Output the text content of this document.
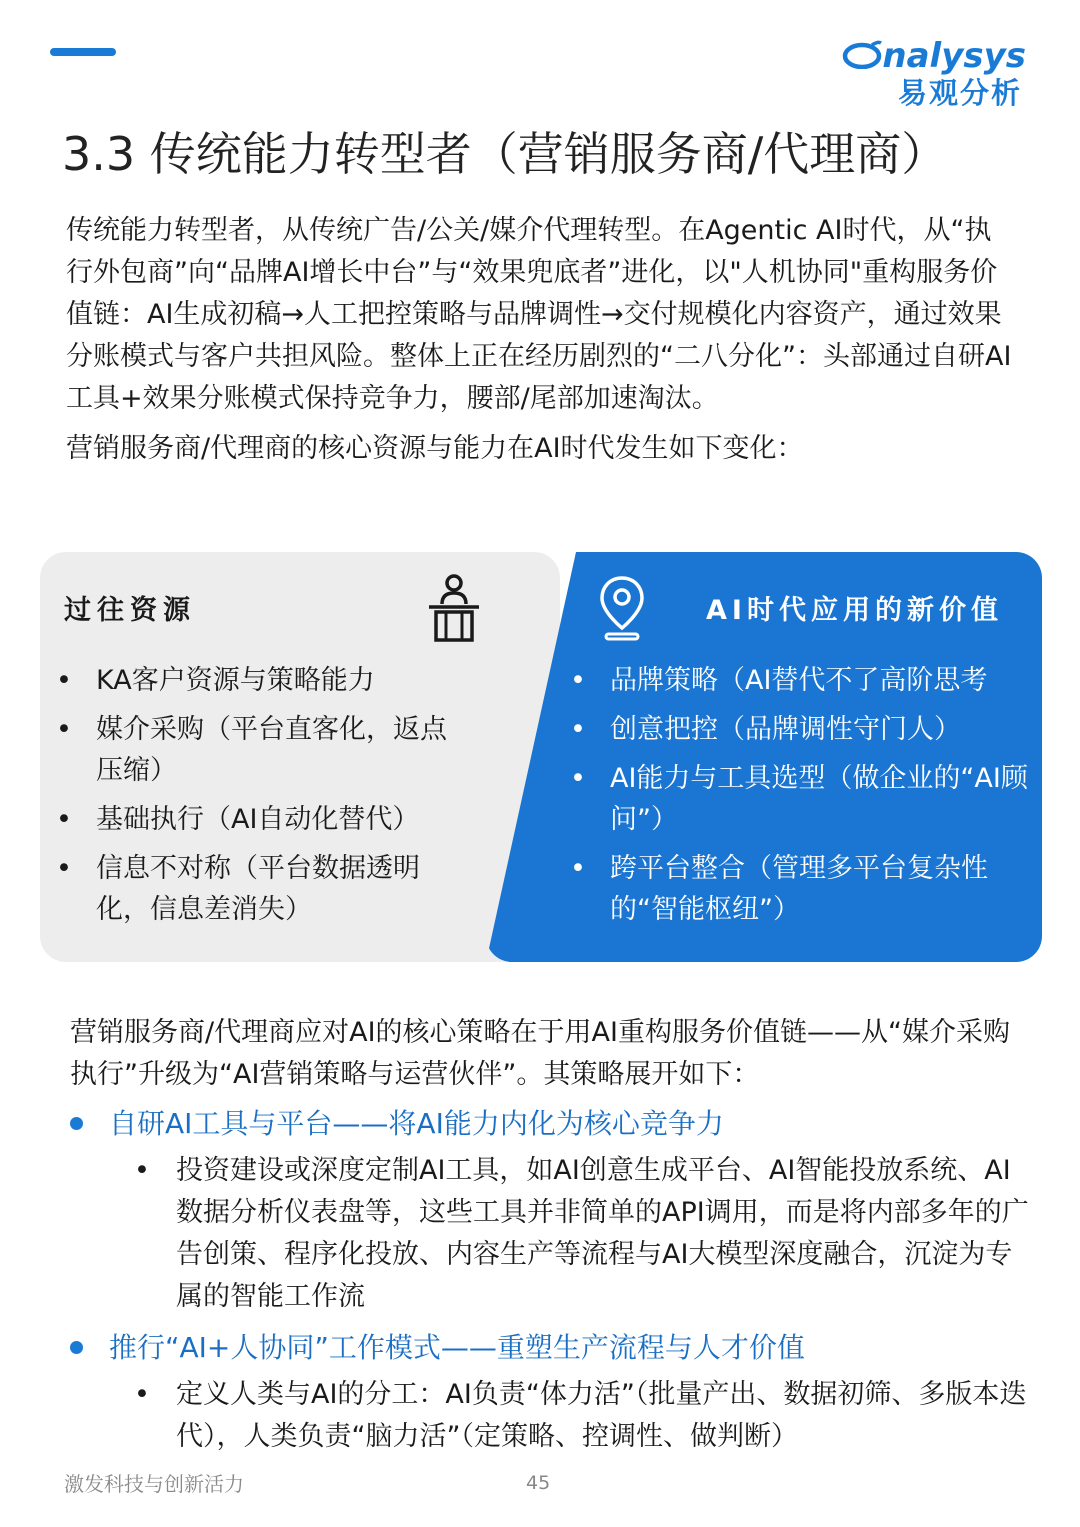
nalysys
易观分析
3.3 传统能力转型者（营销服务商/代理商）

传统能力转型者，从传统广告/公关/媒介代理转型。在Agentic AI时代，从“执行外包商”向“品牌AI增长中台”与“效果兜底者”进化，以"人机协同"重构服务价值链：AI生成初稿→人工把控策略与品牌调性→交付规模化内容资产，通过效果分账模式与客户共担风险。整体上正在经历剧烈的“二八分化”：头部通过自研AI工具+效果分账模式保持竞争力，腰部/尾部加速淘汰。

营销服务商/代理商的核心资源与能力在AI时代发生如下变化：

过往资源
• KA客户资源与策略能力
• 媒介采购（平台直客化，返点压缩）
• 基础执行（AI自动化替代）
• 信息不对称（平台数据透明化，信息差消失）
AI时代应用的新价值
• 品牌策略（AI替代不了高阶思考
• 创意把控（品牌调性守门人）
• AI能力与工具选型（做企业的“AI顾问”）
• 跨平台整合（管理多平台复杂性的“智能枢纽”）

营销服务商/代理商应对AI的核心策略在于用AI重构服务价值链——从“媒介采购执行”升级为“AI营销策略与运营伙伴”。其策略展开如下：

自研AI工具与平台——将AI能力内化为核心竞争力
• 投资建设或深度定制AI工具，如AI创意生成平台、AI智能投放系统、AI数据分析仪表盘等，这些工具并非简单的API调用，而是将内部多年的广告创策、程序化投放、内容生产等流程与AI大模型深度融合，沉淀为专属的智能工作流
推行“AI+人协同”工作模式——重塑生产流程与人才价值
• 定义人类与AI的分工：AI负责“体力活”（批量产出、数据初筛、多版本迭代），人类负责“脑力活”（定策略、控调性、做判断）
激发科技与创新活力	45
